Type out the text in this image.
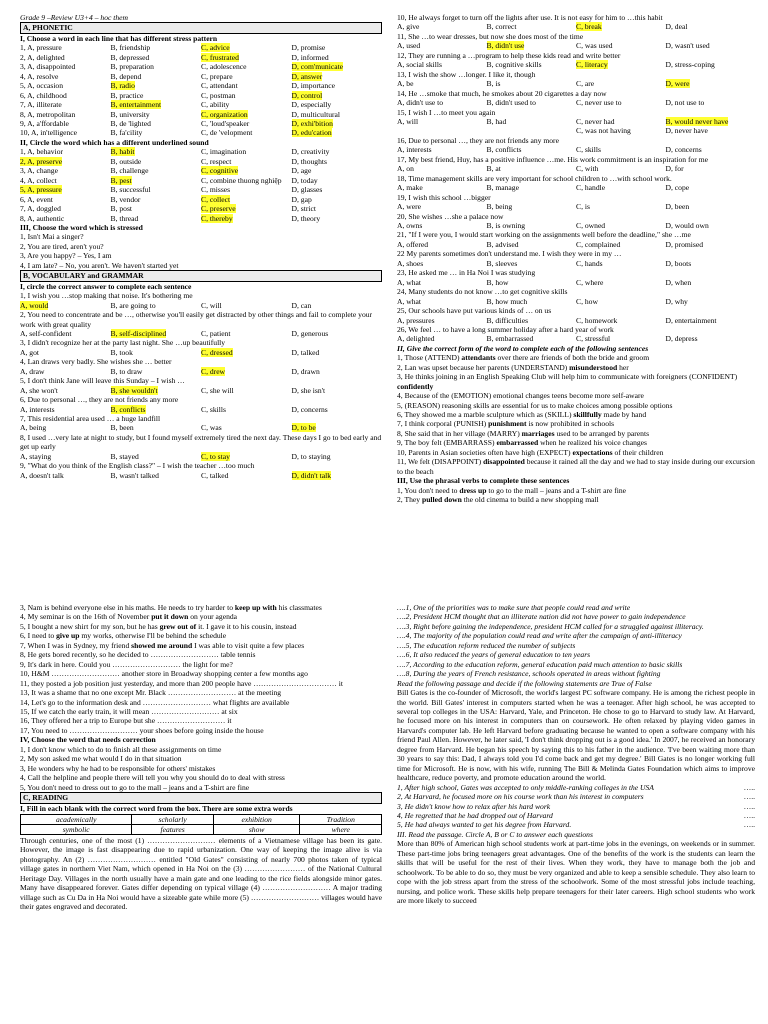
Grade 9 –Review U3+4 – hoc them
A, PHONETIC
I, Choose a word in each line that has different stress pattern
1, A, pressure	B, friendship	C, advice	D, promise
2, A, delighted	B, depressed	C, frustrated	D, informed
3, A, disappointed	B, preparation	C, adolescence	D, com'municate
4, A, resolve	B, depend	C, prepare	D, answer
5, A, occasion	B, radio	C, attendant	D, importance
6, A, childhood	B, practice	C, postman	D, control
7, A, illiterate	B, entertainment	C, ability	D, especially
8, A, metropolitan	B, university	C, organization	D, multicultural
9, A, a'ffordable	B, de 'lighted	C, 'loud'speaker	D, exhi'bition
10, A, in'telligence	B, fa'cility	C, de 'velopment	D, edu'cation
II, Circle the word which has a different underlined sound
1, A, behavior	B, habit	C, imagination	D, creativity
2, A, preserve	B, outside	C, respect	D, thoughts
3, A, change	B, challenge	C, cognitive	D, age
4, A, collect	B, pest	C, combine thuong nghiệp	D, today
5, A, pressure	B, successful	C, misses	D, glasses
6, A, event	B, vendor	C, collect	D, gap
7, A, doggled	B, post	C, preserve	D, strict
8, A, authentic	B, thread	C, thereby	D, theory
III, Choose the word which is stressed
1, Isn't Mai a singer?
2, You are tired, aren't you?
3, Are you happy? – Yes, I am
4, I am late? – No, you aren't. We haven't started yet
B, VOCABULARY and GRAMMAR
I, circle the correct answer to complete each sentence
1, I wish you …stop making that noise. It's bothering me
A, would	B, are going to	C, will	D, can
2, You need to concentrate and be …, otherwise you'll easily get distracted by other things and fail to complete your work with great quality
A, self-confident	B, self-disciplined	C, patient	D, generous
3, I didn't recognize her at the party last night. She …up beautifully
A, got	B, took	C, dressed	D, talked
4, Lan draws very badly. She wishes she … better
A, draw	B, to draw	C, drew	D, drawn
5, I don't think Jane will leave this Sunday – I wish …
A, she won't	B, she wouldn't	C, she will	D, she isn't
6, Due to personal …, they are not friends any more
A, interests	B, conflicts	C, skills	D, concerns
7, This residential area used … a huge landfill
A, being	B, been	C, was	D, to be
8, I used …very late at night to study, but I found myself extremely tired the next day. These days I go to bed early and get up early
A, staying	B, stayed	C, to stay	D, to staying
9, "What do you think of the English class?" – I wish the teacher …too much
A, doesn't talk	B, wasn't talked	C, talked	D, didn't talk
10, He always forget to turn off the lights after use. It is not easy for him to …this habit
A, give	B, correct	C, break	D, deal
11, She …to wear dresses, but now she does most of the time
A, used	B, didn't use	C, was used	D, wasn't used
12, They are running a …program to help these kids read and write better
A, social skills	B, cognitive skills	C, literacy	D, stress-coping
13, I wish the show …longer. I like it, though
A, be	B, is	C, are	D, were
14, He …smoke that much, he smokes about 20 cigarettes a day now
A, didn't use to	B, didn't used to	C, never use to	D, not use to
15, I wish I …to meet you again
A, will	B, had	C, never had	B, would never have
C, was not having	D, never have
16, Due to personal …, they are not friends any more
A, interests	B, conflicts	C, skills	D, concerns
17, My best friend, Huy, has a positive influence …me. His work commitment is an inspiration for me
A, on	B, at	C, with	D, for
18, Time management skills are very important for school children to …with school work.
A, make	B, manage	C, handle	D, cope
19, I wish this school …bigger
A, were	B, being	C, is	D, been
20, She wishes …she a palace now
A, owns	B, is owning	C, owned	D, would own
21, "If I were you, I would start working on the assignments well before the deadline," she …me
A, offered	B, advised	C, complained	D, promised
22 My parents sometimes don't understand me. I wish they were in my …
A, shoes	B, sleeves	C, hands	D, boots
23, He asked me … in Ha Noi I was studying
A, what	B, how	C, where	D, when
24, Many students do not know …to get cognitive skills
A, what	B, how much	C, how	D, why
25, Our schools have put various kinds of … on us
A, pressures	B, difficulties	C, homework	D, entertainment
26, We feel … to have a long summer holiday after a hard year of work
A, delighted	B, embarrassed	C, stressful	D, depress
II, Give the correct form of the word to complete each of the following sentences
1, Those (ATTEND) attendants over there are friends of both the bride and groom
2, Lan was upset because her parents (UNDERSTAND) misunderstood her
3, He thinks joining in an English Speaking Club will help him to communicate with foreigners (CONFIDENT) confidently
4, Because of the (EMOTION) emotional changes teens become more self-aware
5, (REASON) reasoning skills are essential for us to make choices among possible options
6, They showed me a marble sculpture which as (SKILL) skillfully made by hand
7, I think corporal (PUNISH) punishment is now prohibited in schools
8, She said that in her village (MARRY) marriages used to be arranged by parents
9, The boy felt (EMBARRASS) embarrassed when he realized his voice changes
10, Parents in Asian societies often have high (EXPECT) expectations of their children
11, We felt (DISAPPOINT) disappointed because it rained all the day and we had to stay inside during our excursion to the beach
III, Use the phrasal verbs to complete these sentences
1, You don't need to dress up to go to the mall – jeans and a T-shirt are fine
2, They pulled down the old cinema to build a new shopping mall
3, Nam is behind everyone else in his maths. He needs to try harder to keep up with his classmates
4, My seminar is on the 16th of November put it down on your agenda
5, I bought a new shirt for my son, but he has grew out of it. I gave it to his cousin, instead
6, I need to give up my works, otherwise I'll be behind the schedule
7, When I was in Sydney, my friend showed me around I was able to visit quite a few places
8, He gets bored recently, so he decided to ……………………… table tennis
9, It's dark in here. Could you ……………………… the light for me?
10, H&M ……………………… another store in Broadway shopping center a few months ago
11, they posted a job position just yesterday, and more than 200 people have …………………………… it
13, It was a shame that no one except Mr. Black ……………………… at the meeting
14, Let's go to the information desk and ……………………… what flights are available
15, If we catch the early train, it will mean ……………………… at six
16, They offered her a trip to Europe but she ……………………… it
17, You need to ……………………… your shoes before going inside the house
IV, Choose the word that needs correction
1, I don't know which to do to finish all these assignments on time
2, My son asked me what would I do in that situation
3, He wonders why he had to be responsible for others' mistakes
4, Call the helpline and people there will tell you why you should do to deal with stress
5, You don't need to dress out to go to the mall – jeans and a T-shirt are fine
C, READING
I, Fill in each blank with the correct word from the box. There are some extra words
academically	scholarly	exhibition	Tradition
symbolic	features	show	where
Through centuries, one of the most (1) ……………………… elements of a Vietnamese village has been its gate. However, the image is fast disappearing due to rapid urbanization. One way of keeping the image alive is via photography. An (2) ……………………… entitled "Old Gates" consisting of nearly 700 photos taken of typical village gates in northern Viet Nam, which opened in Ha Noi on the (3) …………………… of the National Cultural Heritage Day. Villages in the north usually have a main gate and one leading to the rice fields alongside minor gates. Many have disappeared forever. Gates differ depending on typical village (4) ……………………… A major trading village such as Cu Da in Ha Noi would have a sizeable gate while more (5) ……………………… villages would have their gates engraved and decorated.
….1, One of the priorities was to make sure that people could read and write
….2, President HCM thought that an illiterate nation did not have power to gain independence
….3, Right before gaining the independence, president HCM called for a struggled against illiteracy.
….4, The majority of the population could read and write after the campaign of anti-illiteracy
….5, The education reform reduced the number of subjects
….6, It also reduced the years of general education to ten years
….7, According to the education reform, general education paid much attention to basic skills
….8, During the years of French resistance, schools operated in areas without fighting
Read the following passage and decide if the following statements are True of False
Bill Gates is the co-founder of Microsoft, the world's largest PC software company. He is among the richest people in the world. Bill Gates' interest in computers started when he was a teenager. After high school, he was accepted to several top colleges in the USA: Harvard, Yale, and Princeton. He chose to go to Harvard to study law. At Harvard, he focused more on his interest in computers than on coursework. He often relaxed by playing video games in Harvard's computer lab. He left Harvard before graduating because he wanted to open a software company with his friend Paul Allen. However, he later said, 'I don't think dropping out is a good idea.' In 2007, he received an honorary degree from Harvard. He began his speech by saying this to his father in the audience. 'I've been waiting more than 30 years to say this: Dad, I always told you I'd come back and get my degree.' Bill Gates is no longer working full time for Microsoft. He is now, with his wife, running The Bill & Melinda Gates Foundation which aims to improve healthcare, reduce poverty, and promote education around the world.
1, After high school, Gates was accepted to only middle-ranking colleges in the USA	…..
2, At Harvard, he focused more on his course work than his interest in computers	…..
3, He didn't know how to relax after his hard work	…..
4, He regretted that he had dropped out of Harvard	…..
5, He had always wanted to get his degree from Harvard.	…..
III. Read the passage. Circle A, B or C to answer each questions
More than 80% of American high school students work at part-time jobs in the evenings, on weekends or in summer. These part-time jobs bring teenagers great advantages. One of the benefits of the work is the students can learn the skills that will be useful for the rest of their lives. When they work, they have to manage both the job and schoolwork. To be able to do so, they must be very organized and able to keep a sensible schedule. They also learn to cope with the job stress apart from the stress of the schoolwork. Some of the most stressful jobs include teaching, nursing, and police work. These skills help prepare teenagers for their later careers. High school students who work are more likely to succeed
